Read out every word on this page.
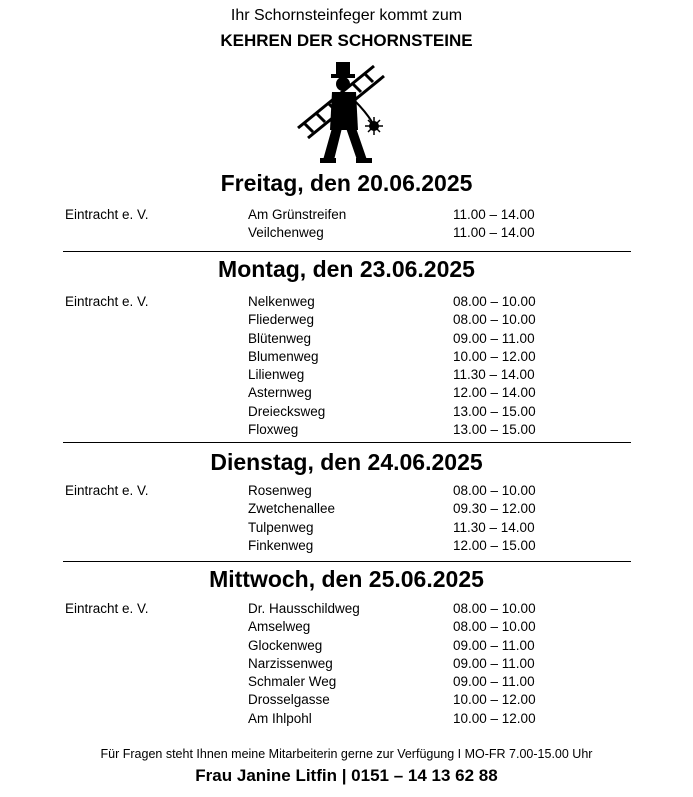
Ihr Schornsteinfeger kommt zum
KEHREN DER SCHORNSTEINE
Freitag, den 20.06.2025
Eintracht e. V.	Am Grünstreifen	11.00 – 14.00
Veilchenweg	11.00 – 14.00
Montag, den 23.06.2025
Eintracht e. V.	Nelkenweg	08.00 – 10.00
Fliederweg	08.00 – 10.00
Blütenweg	09.00 – 11.00
Blumenweg	10.00 – 12.00
Lilienweg	11.30 – 14.00
Asternweg	12.00 – 14.00
Dreiecksweg	13.00 – 15.00
Floxweg	13.00 – 15.00
Dienstag, den 24.06.2025
Eintracht e. V.	Rosenweg	08.00 – 10.00
Zwetchenallee	09.30 – 12.00
Tulpenweg	11.30 – 14.00
Finkenweg	12.00 – 15.00
Mittwoch, den 25.06.2025
Eintracht e. V.	Dr. Hausschildweg	08.00 – 10.00
Amselweg	08.00 – 10.00
Glockenweg	09.00 – 11.00
Narzissenweg	09.00 – 11.00
Schmaler Weg	09.00 – 11.00
Drosselgasse	10.00 – 12.00
Am Ihlpohl	10.00 – 12.00
Für Fragen steht Ihnen meine Mitarbeiterin gerne zur Verfügung I MO-FR 7.00-15.00 Uhr
Frau Janine Litfin | 0151 – 14 13 62 88
